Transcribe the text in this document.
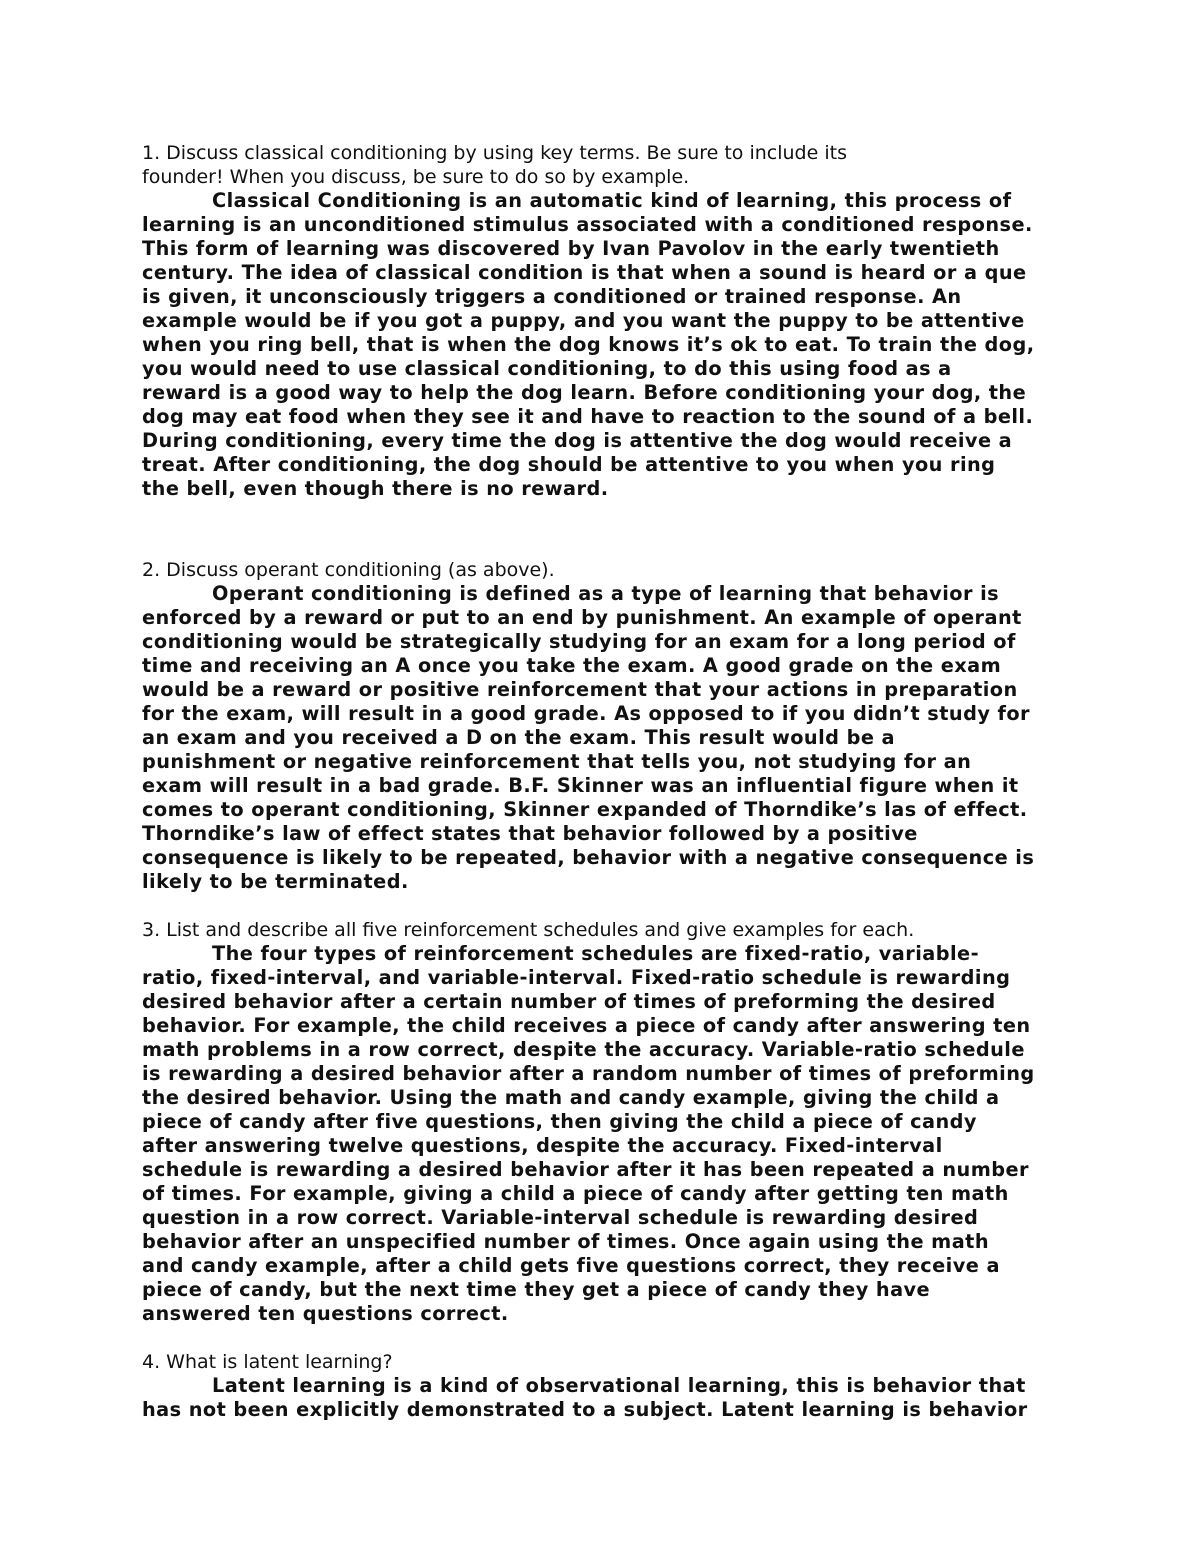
1. Discuss classical conditioning by using key terms. Be sure to include its
founder! When you discuss, be sure to do so by example.
Classical Conditioning is an automatic kind of learning, this process of
learning is an unconditioned stimulus associated with a conditioned response.
This form of learning was discovered by Ivan Pavolov in the early twentieth
century. The idea of classical condition is that when a sound is heard or a que
is given, it unconsciously triggers a conditioned or trained response. An
example would be if you got a puppy, and you want the puppy to be attentive
when you ring bell, that is when the dog knows it’s ok to eat. To train the dog,
you would need to use classical conditioning, to do this using food as a
reward is a good way to help the dog learn. Before conditioning your dog, the
dog may eat food when they see it and have to reaction to the sound of a bell.
During conditioning, every time the dog is attentive the dog would receive a
treat. After conditioning, the dog should be attentive to you when you ring
the bell, even though there is no reward.
2. Discuss operant conditioning (as above).
Operant conditioning is defined as a type of learning that behavior is
enforced by a reward or put to an end by punishment. An example of operant
conditioning would be strategically studying for an exam for a long period of
time and receiving an A once you take the exam. A good grade on the exam
would be a reward or positive reinforcement that your actions in preparation
for the exam, will result in a good grade. As opposed to if you didn’t study for
an exam and you received a D on the exam. This result would be a
punishment or negative reinforcement that tells you, not studying for an
exam will result in a bad grade. B.F. Skinner was an influential figure when it
comes to operant conditioning, Skinner expanded of Thorndike’s las of effect.
Thorndike’s law of effect states that behavior followed by a positive
consequence is likely to be repeated, behavior with a negative consequence is
likely to be terminated.
3. List and describe all five reinforcement schedules and give examples for each.
The four types of reinforcement schedules are fixed-ratio, variable-
ratio, fixed-interval, and variable-interval. Fixed-ratio schedule is rewarding
desired behavior after a certain number of times of preforming the desired
behavior. For example, the child receives a piece of candy after answering ten
math problems in a row correct, despite the accuracy. Variable-ratio schedule
is rewarding a desired behavior after a random number of times of preforming
the desired behavior. Using the math and candy example, giving the child a
piece of candy after five questions, then giving the child a piece of candy
after answering twelve questions, despite the accuracy. Fixed-interval
schedule is rewarding a desired behavior after it has been repeated a number
of times. For example, giving a child a piece of candy after getting ten math
question in a row correct. Variable-interval schedule is rewarding desired
behavior after an unspecified number of times. Once again using the math
and candy example, after a child gets five questions correct, they receive a
piece of candy, but the next time they get a piece of candy they have
answered ten questions correct.
4. What is latent learning?
Latent learning is a kind of observational learning, this is behavior that
has not been explicitly demonstrated to a subject. Latent learning is behavior
